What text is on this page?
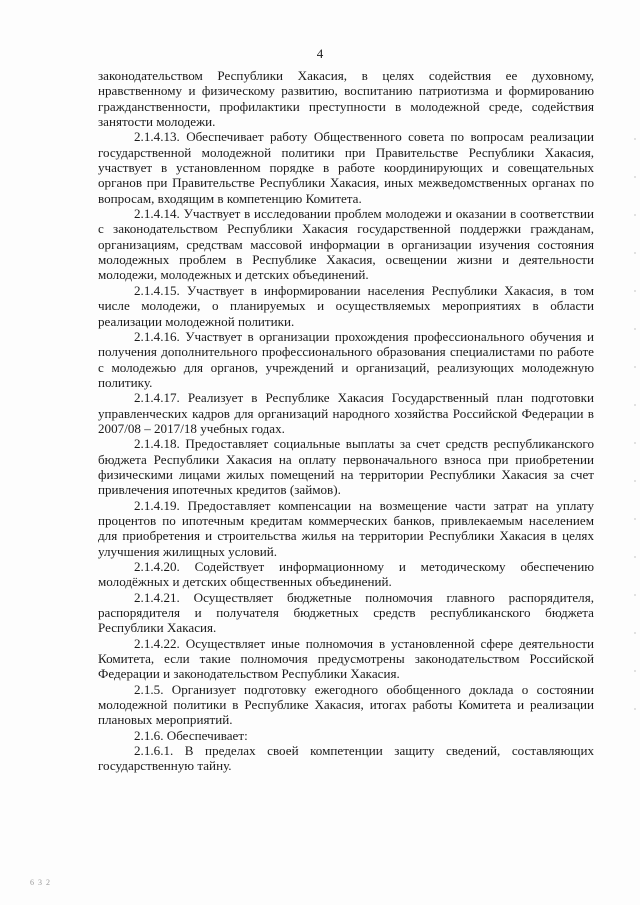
4

законодательством Республики Хакасия, в целях содействия ее духовному, нравственному и физическому развитию, воспитанию патриотизма и формированию гражданственности, профилактики преступности в молодежной среде, содействия занятости молодежи.

2.1.4.13. Обеспечивает работу Общественного совета по вопросам реализации государственной молодежной политики при Правительстве Республики Хакасия, участвует в установленном порядке в работе координирующих и совещательных органов при Правительстве Республики Хакасия, иных межведомственных органах по вопросам, входящим в компетенцию Комитета.

2.1.4.14. Участвует в исследовании проблем молодежи и оказании в соответствии с законодательством Республики Хакасия государственной поддержки гражданам, организациям, средствам массовой информации в организации изучения состояния молодежных проблем в Республике Хакасия, освещении жизни и деятельности молодежи, молодежных и детских объединений.

2.1.4.15. Участвует в информировании населения Республики Хакасия, в том числе молодежи, о планируемых и осуществляемых мероприятиях в области реализации молодежной политики.

2.1.4.16. Участвует в организации прохождения профессионального обучения и получения дополнительного профессионального образования специалистами по работе с молодежью для органов, учреждений и организаций, реализующих молодежную политику.

2.1.4.17. Реализует в Республике Хакасия Государственный план подготовки управленческих кадров для организаций народного хозяйства Российской Федерации в 2007/08 – 2017/18 учебных годах.

2.1.4.18. Предоставляет социальные выплаты за счет средств республиканского бюджета Республики Хакасия на оплату первоначального взноса при приобретении физическими лицами жилых помещений на территории Республики Хакасия за счет привлечения ипотечных кредитов (займов).

2.1.4.19. Предоставляет компенсации на возмещение части затрат на уплату процентов по ипотечным кредитам коммерческих банков, привлекаемым населением для приобретения и строительства жилья на территории Республики Хакасия в целях улучшения жилищных условий.

2.1.4.20. Содействует информационному и методическому обеспечению молодёжных и детских общественных объединений.

2.1.4.21. Осуществляет бюджетные полномочия главного распорядителя, распорядителя и получателя бюджетных средств республиканского бюджета Республики Хакасия.

2.1.4.22. Осуществляет иные полномочия в установленной сфере деятельности Комитета, если такие полномочия предусмотрены законодательством Российской Федерации и законодательством Республики Хакасия.

2.1.5. Организует подготовку ежегодного обобщенного доклада о состоянии молодежной политики в Республике Хакасия, итогах работы Комитета и реализации плановых мероприятий.

2.1.6. Обеспечивает:

2.1.6.1. В пределах своей компетенции защиту сведений, составляющих государственную тайну.

6 3 2
